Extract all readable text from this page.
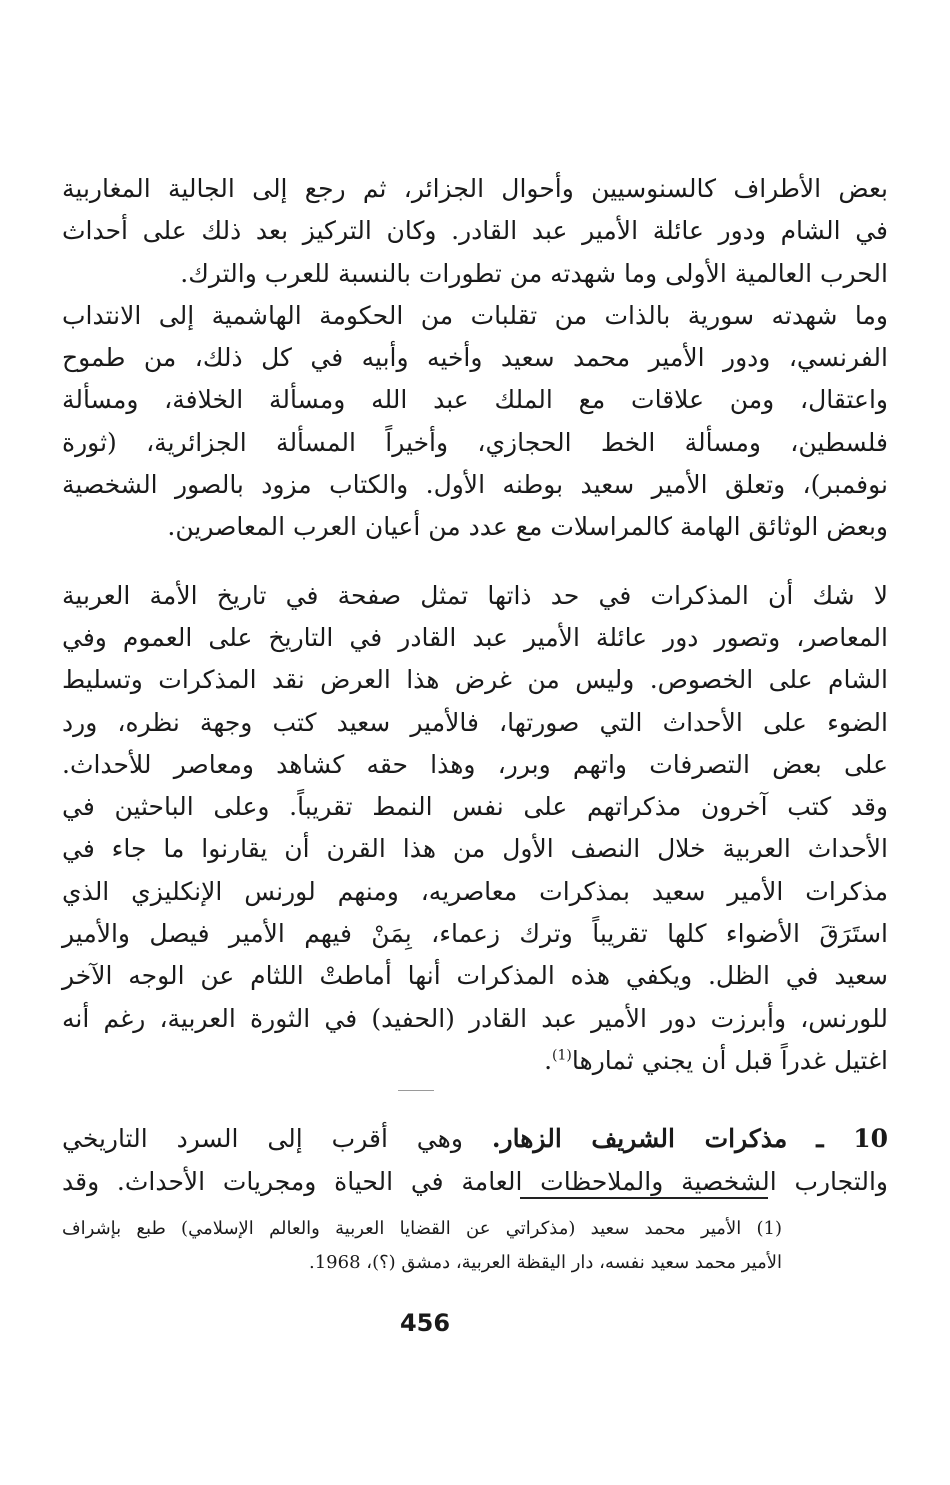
بعض الأطراف كالسنوسيين وأحوال الجزائر، ثم رجع إلى الجالية المغاربية

في الشام ودور عائلة الأمير عبد القادر. وكان التركيز بعد ذلك على أحداث

الحرب العالمية الأولى وما شهدته من تطورات بالنسبة للعرب والترك.

وما شهدته سورية بالذات من تقلبات من الحكومة الهاشمية إلى الانتداب

الفرنسي، ودور الأمير محمد سعيد وأخيه وأبيه في كل ذلك، من طموح

واعتقال، ومن علاقات مع الملك عبد الله ومسألة الخلافة، ومسألة

فلسطين، ومسألة الخط الحجازي، وأخيراً المسألة الجزائرية، (ثورة

نوفمبر)، وتعلق الأمير سعيد بوطنه الأول. والكتاب مزود بالصور الشخصية

وبعض الوثائق الهامة كالمراسلات مع عدد من أعيان العرب المعاصرين.

لا شك أن المذكرات في حد ذاتها تمثل صفحة في تاريخ الأمة العربية

المعاصر، وتصور دور عائلة الأمير عبد القادر في التاريخ على العموم وفي

الشام على الخصوص. وليس من غرض هذا العرض نقد المذكرات وتسليط

الضوء على الأحداث التي صورتها، فالأمير سعيد كتب وجهة نظره، ورد

على بعض التصرفات واتهم وبرر، وهذا حقه كشاهد ومعاصر للأحداث.

وقد كتب آخرون مذكراتهم على نفس النمط تقريباً. وعلى الباحثين في

الأحداث العربية خلال النصف الأول من هذا القرن أن يقارنوا ما جاء في

مذكرات الأمير سعيد بمذكرات معاصريه، ومنهم لورنس الإنكليزي الذي

استَرَقَ الأضواء كلها تقريباً وترك زعماء، بِمَنْ فيهم الأمير فيصل والأمير

سعيد في الظل. ويكفي هذه المذكرات أنها أماطتْ اللثام عن الوجه الآخر

للورنس، وأبرزت دور الأمير عبد القادر (الحفيد) في الثورة العربية، رغم أنه

اغتيل غدراً قبل أن يجني ثمارها$^{(1)}$.

10 ـ مذكرات الشريف الزهار. وهي أقرب إلى السرد التاريخي

والتجارب الشخصية والملاحظات العامة في الحياة ومجريات الأحداث. وقد

(1) الأمير محمد سعيد (مذكراتي عن القضايا العربية والعالم الإسلامي) طبع بإشراف

الأمير محمد سعيد نفسه، دار اليقظة العربية، دمشق (؟)، 1968.

456
